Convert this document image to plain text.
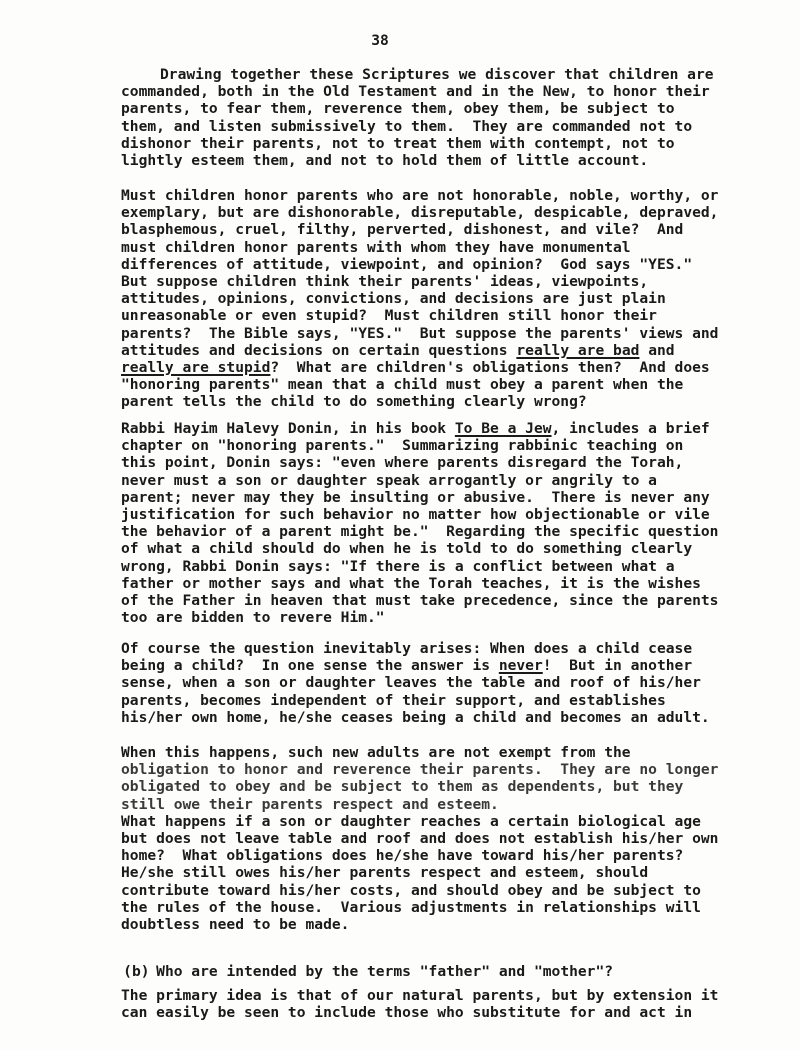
38
Drawing together these Scriptures we discover that children are
commanded, both in the Old Testament and in the New, to honor their
parents, to fear them, reverence them, obey them, be subject to
them, and listen submissively to them.  They are commanded not to
dishonor their parents, not to treat them with contempt, not to
lightly esteem them, and not to hold them of little account.
Must children honor parents who are not honorable, noble, worthy, or
exemplary, but are dishonorable, disreputable, despicable, depraved,
blasphemous, cruel, filthy, perverted, dishonest, and vile?  And
must children honor parents with whom they have monumental
differences of attitude, viewpoint, and opinion?  God says "YES."
But suppose children think their parents' ideas, viewpoints,
attitudes, opinions, convictions, and decisions are just plain
unreasonable or even stupid?  Must children still honor their
parents?  The Bible says, "YES."  But suppose the parents' views and
attitudes and decisions on certain questions really are bad and
really are stupid?  What are children's obligations then?  And does
"honoring parents" mean that a child must obey a parent when the
parent tells the child to do something clearly wrong?
Rabbi Hayim Halevy Donin, in his book To Be a Jew, includes a brief
chapter on "honoring parents."  Summarizing rabbinic teaching on
this point, Donin says: "even where parents disregard the Torah,
never must a son or daughter speak arrogantly or angrily to a
parent; never may they be insulting or abusive.  There is never any
justification for such behavior no matter how objectionable or vile
the behavior of a parent might be."  Regarding the specific question
of what a child should do when he is told to do something clearly
wrong, Rabbi Donin says: "If there is a conflict between what a
father or mother says and what the Torah teaches, it is the wishes
of the Father in heaven that must take precedence, since the parents
too are bidden to revere Him."
Of course the question inevitably arises: When does a child cease
being a child?  In one sense the answer is never!  But in another
sense, when a son or daughter leaves the table and roof of his/her
parents, becomes independent of their support, and establishes
his/her own home, he/she ceases being a child and becomes an adult.
When this happens, such new adults are not exempt from the
obligation to honor and reverence their parents.  They are no longer
obligated to obey and be subject to them as dependents, but they
still owe their parents respect and esteem.
What happens if a son or daughter reaches a certain biological age
but does not leave table and roof and does not establish his/her own
home?  What obligations does he/she have toward his/her parents?
He/she still owes his/her parents respect and esteem, should
contribute toward his/her costs, and should obey and be subject to
the rules of the house.  Various adjustments in relationships will
doubtless need to be made.

(b) Who are intended by the terms "father" and "mother"?

The primary idea is that of our natural parents, but by extension it
can easily be seen to include those who substitute for and act in
